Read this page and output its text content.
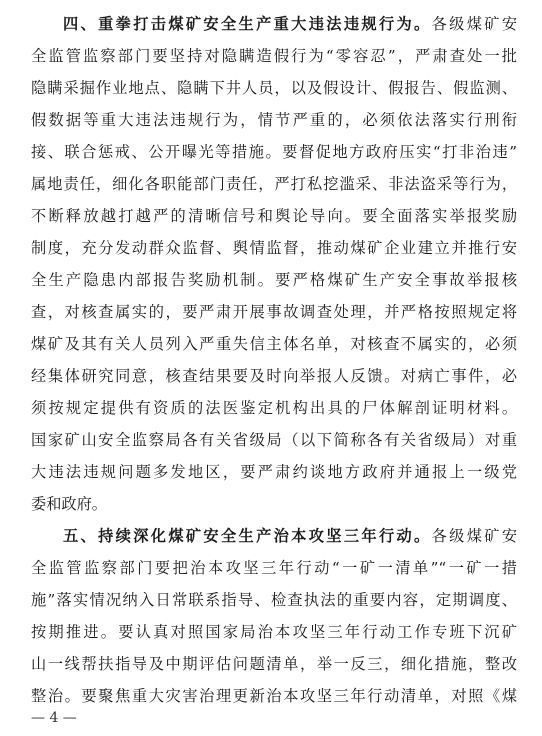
四、重拳打击煤矿安全生产重大违法违规行为。各级煤矿安
全监管监察部门要坚持对隐瞒造假行为“零容忍”，严肃查处一批
隐瞒采掘作业地点、隐瞒下井人员，以及假设计、假报告、假监测、
假数据等重大违法违规行为，情节严重的，必须依法落实行刑衔
接、联合惩戒、公开曝光等措施。要督促地方政府压实“打非治违”
属地责任，细化各职能部门责任，严打私挖滥采、非法盗采等行为，
不断释放越打越严的清晰信号和舆论导向。要全面落实举报奖励
制度，充分发动群众监督、舆情监督，推动煤矿企业建立并推行安
全生产隐患内部报告奖励机制。要严格煤矿生产安全事故举报核
查，对核查属实的，要严肃开展事故调查处理，并严格按照规定将
煤矿及其有关人员列入严重失信主体名单，对核查不属实的，必须
经集体研究同意，核查结果要及时向举报人反馈。对病亡事件，必
须按规定提供有资质的法医鉴定机构出具的尸体解剖证明材料。
国家矿山安全监察局各有关省级局（以下简称各有关省级局）对重
大违法违规问题多发地区，要严肃约谈地方政府并通报上一级党
委和政府。
五、持续深化煤矿安全生产治本攻坚三年行动。各级煤矿安
全监管监察部门要把治本攻坚三年行动“一矿一清单”“一矿一措
施”落实情况纳入日常联系指导、检查执法的重要内容，定期调度、
按期推进。要认真对照国家局治本攻坚三年行动工作专班下沉矿
山一线帮扶指导及中期评估问题清单，举一反三，细化措施，整改
整治。要聚焦重大灾害治理更新治本攻坚三年行动清单，对照《煤
— 4 —
